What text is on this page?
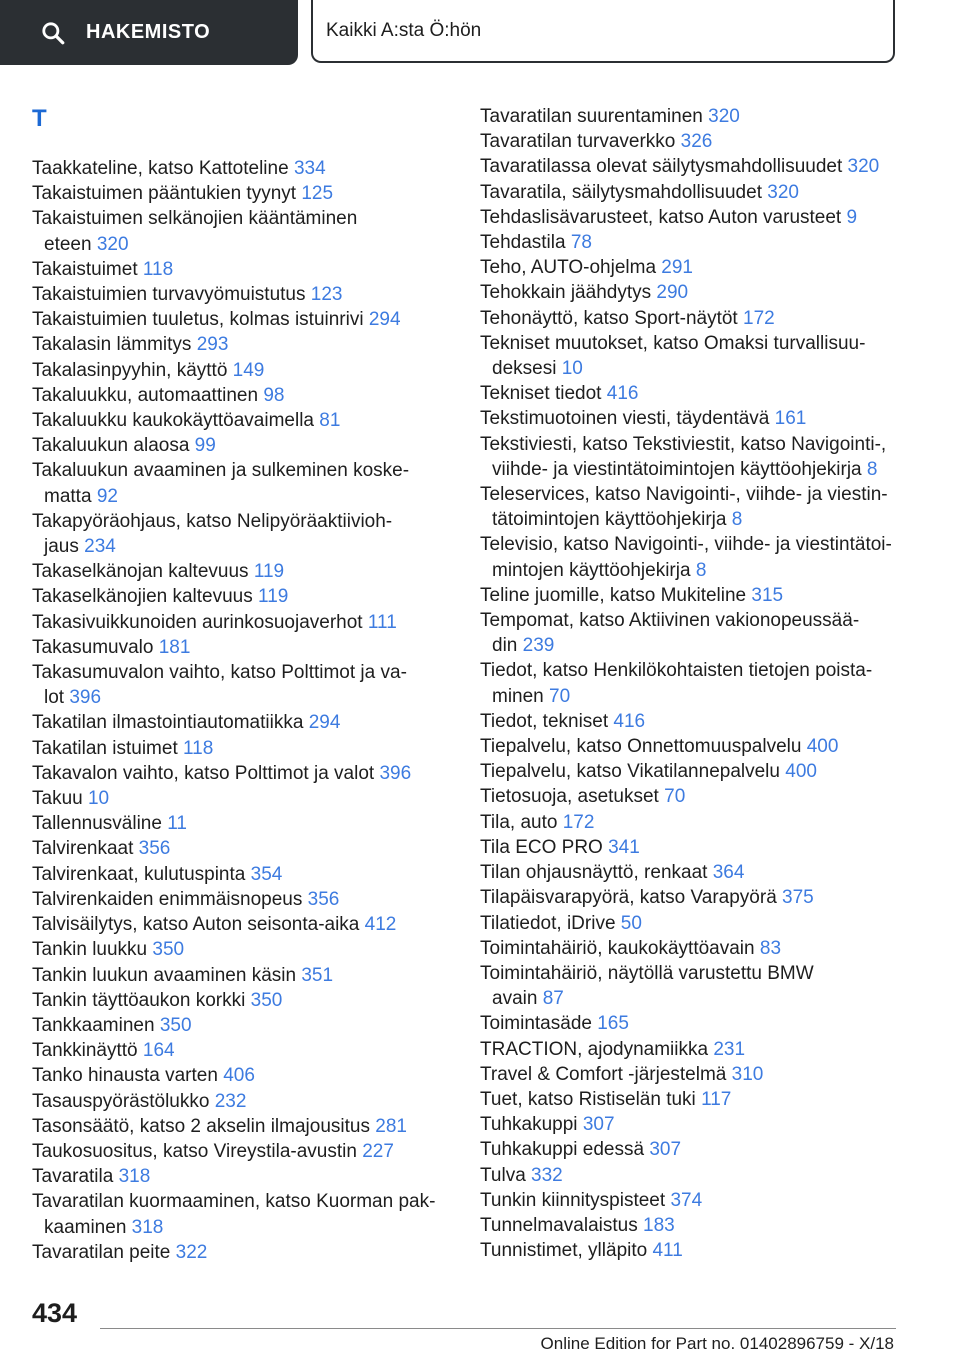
HAKEMISTO	Kaikki A:sta Ö:hön
T
Taakkateline, katso Kattoteline 334
Takaistuimen pääntukien tyynyt 125
Takaistuimen selkänojien kääntäminen
eteen 320
Takaistuimet 118
Takaistuimien turvavyömuistutus 123
Takaistuimien tuuletus, kolmas istuinrivi 294
Takalasin lämmitys 293
Takalasinpyyhin, käyttö 149
Takaluukku, automaattinen 98
Takaluukku kaukokäyttöavaimella 81
Takaluukun alaosa 99
Takaluukun avaaminen ja sulkeminen koske-
matta 92
Takapyöräohjaus, katso Nelipyöräaktiivioh-
jaus 234
Takaselkänojan kaltevuus 119
Takaselkänojien kaltevuus 119
Takasivuikkunoiden aurinkosuojaverhot 111
Takasumuvalo 181
Takasumuvalon vaihto, katso Polttimot ja va-
lot 396
Takatilan ilmastointiautomatiikka 294
Takatilan istuimet 118
Takavalon vaihto, katso Polttimot ja valot 396
Takuu 10
Tallennusväline 11
Talvirenkaat 356
Talvirenkaat, kulutuspinta 354
Talvirenkaiden enimmäisnopeus 356
Talvisäilytys, katso Auton seisonta-aika 412
Tankin luukku 350
Tankin luukun avaaminen käsin 351
Tankin täyttöaukon korkki 350
Tankkaaminen 350
Tankkinäyttö 164
Tanko hinausta varten 406
Tasauspyörästölukko 232
Tasonsäätö, katso 2 akselin ilmajousitus 281
Taukosuositus, katso Vireystila-avustin 227
Tavaratila 318
Tavaratilan kuormaaminen, katso Kuorman pak-
kaaminen 318
Tavaratilan peite 322
Tavaratilan suurentaminen 320
Tavaratilan turvaverkko 326
Tavaratilassa olevat säilytysmahdollisuudet 320
Tavaratila, säilytysmahdollisuudet 320
Tehdaslisävarusteet, katso Auton varusteet 9
Tehdastila 78
Teho, AUTO-ohjelma 291
Tehokkain jäähdytys 290
Tehonäyttö, katso Sport-näytöt 172
Tekniset muutokset, katso Omaksi turvallisuu-
deksesi 10
Tekniset tiedot 416
Tekstimuotoinen viesti, täydentävä 161
Tekstiviesti, katso Tekstiviestit, katso Navigointi-,
viihde- ja viestintätoimintojen käyttöohjekirja 8
Teleservices, katso Navigointi-, viihde- ja viestin-
tätoimintojen käyttöohjekirja 8
Televisio, katso Navigointi-, viihde- ja viestintätoi-
mintojen käyttöohjekirja 8
Teline juomille, katso Mukiteline 315
Tempomat, katso Aktiivinen vakionopeussää-
din 239
Tiedot, katso Henkilökohtaisten tietojen poista-
minen 70
Tiedot, tekniset 416
Tiepalvelu, katso Onnettomuuspalvelu 400
Tiepalvelu, katso Vikatilannepalvelu 400
Tietosuoja, asetukset 70
Tila, auto 172
Tila ECO PRO 341
Tilan ohjausnäyttö, renkaat 364
Tilapäisvarapyörä, katso Varapyörä 375
Tilatiedot, iDrive 50
Toimintahäiriö, kaukokäyttöavain 83
Toimintahäiriö, näytöllä varustettu BMW
avain 87
Toimintasäde 165
TRACTION, ajodynamiikka 231
Travel & Comfort -järjestelmä 310
Tuet, katso Ristiselän tuki 117
Tuhkakuppi 307
Tuhkakuppi edessä 307
Tulva 332
Tunkin kiinnityspisteet 374
Tunnelmavalaistus 183
Tunnistimet, ylläpito 411
434
Online Edition for Part no. 01402896759 - X/18
